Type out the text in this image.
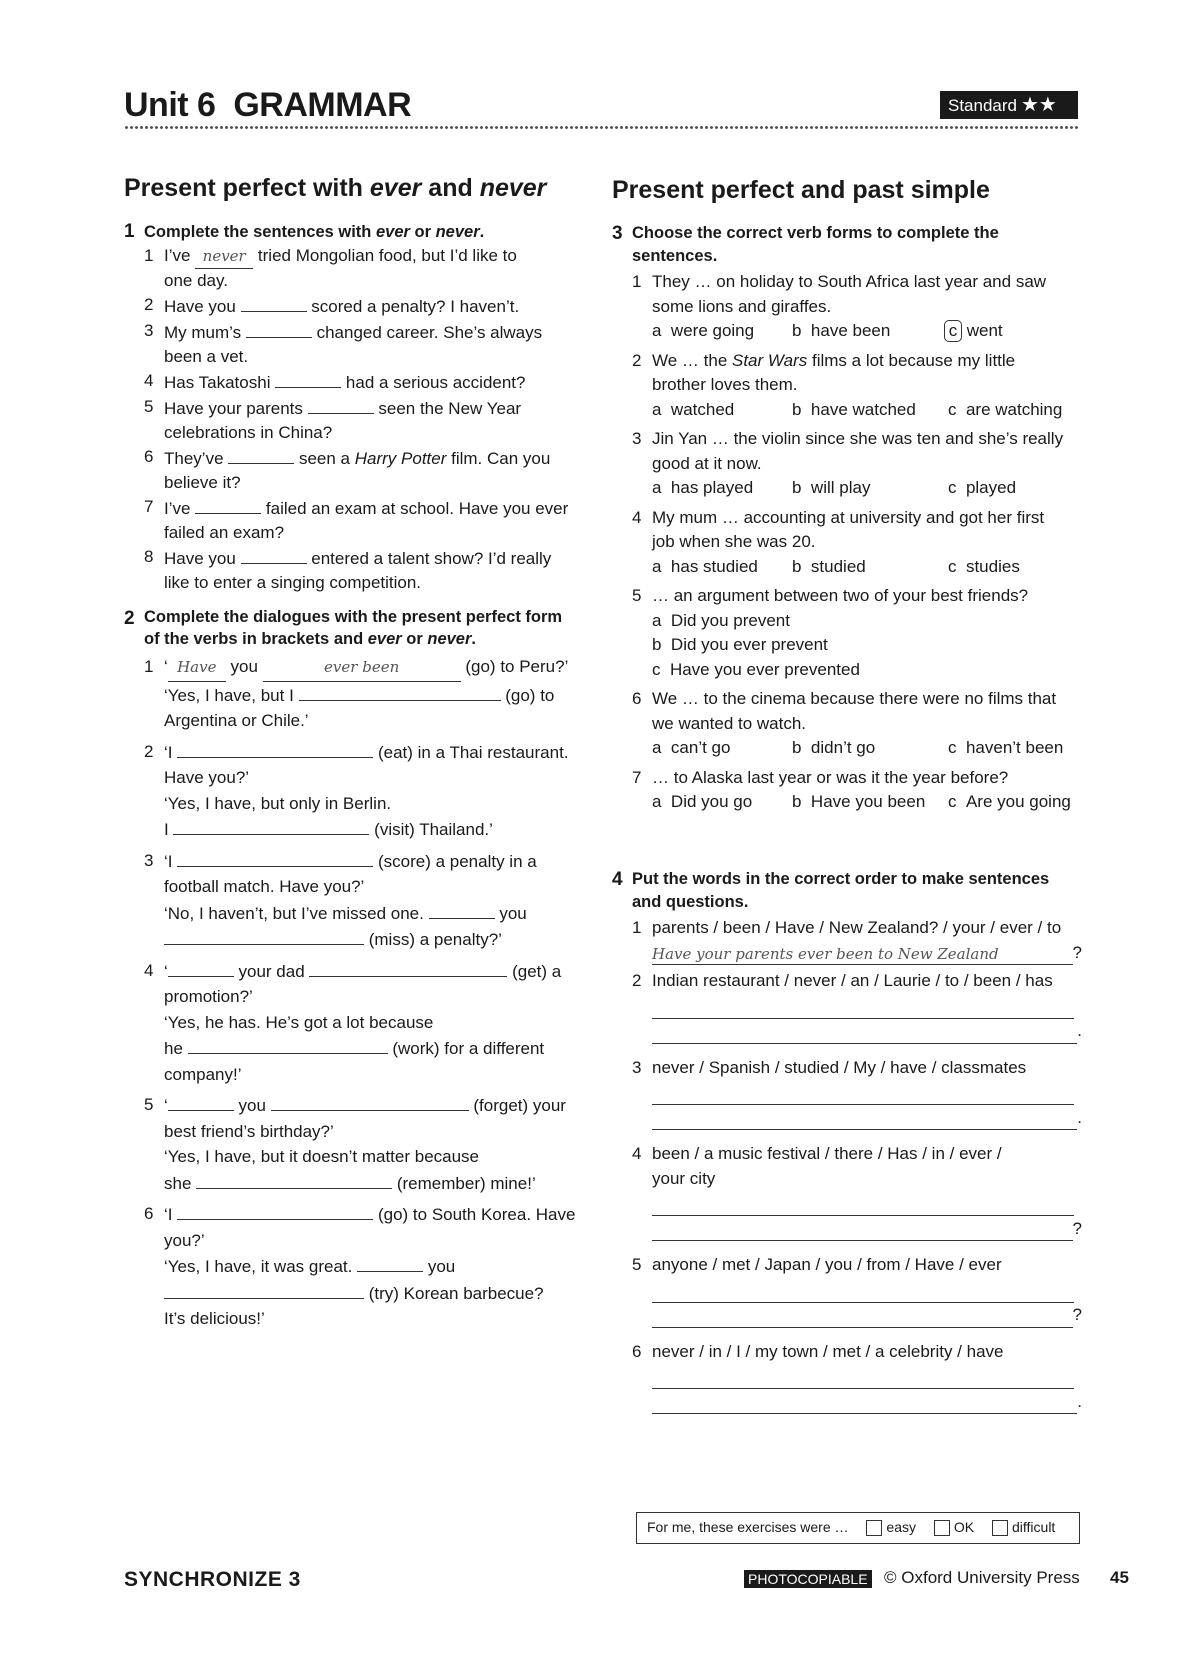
Unit 6 GRAMMAR	Standard ★★
Present perfect with ever and never
1 Complete the sentences with ever or never.
1 I’ve never tried Mongolian food, but I’d like to
one day.
2 Have you	scored a penalty? I haven’t.
3 My mum’s	changed career. She’s always
been a vet.
4 Has Takatoshi	had a serious accident?
5 Have your parents	seen the New Year
celebrations in China?
6 They’ve	seen a Harry Potter film. Can you
believe it?
7 I’ve	failed an exam at school. Have you ever
failed an exam?
8 Have you	entered a talent show? I’d really
like to enter a singing competition.
2 Complete the dialogues with the present perfect form
of the verbs in brackets and ever or never.
1 ‘ Have you	ever been	(go) to Peru?’
‘Yes, I have, but I	(go) to
Argentina or Chile.’
2 ‘I	(eat) in a Thai restaurant.
Have you?’
‘Yes, I have, but only in Berlin.
I	(visit) Thailand.’
3 ‘I	(score) a penalty in a
football match. Have you?’
‘No, I haven’t, but I’ve missed one.	you
(miss) a penalty?’
4 ‘	your dad	(get) a
promotion?’
‘Yes, he has. He’s got a lot because
he	(work) for a different
company!’
5 ‘	you	(forget) your
best friend’s birthday?’
‘Yes, I have, but it doesn’t matter because
she	(remember) mine!’
6 ‘I	(go) to South Korea. Have
you?’
‘Yes, I have, it was great.	you
(try) Korean barbecue?
It’s delicious!’
Present perfect and past simple
3 Choose the correct verb forms to complete the
sentences.
1 They … on holiday to South Africa last year and saw
some lions and giraffes.
a were going	b have been	c went
2 We … the Star Wars films a lot because my little
brother loves them.
a watched	b have watched	c are watching
3 Jin Yan … the violin since she was ten and she’s really
good at it now.
a has played	b will play	c played
4 My mum … accounting at university and got her first
job when she was 20.
a has studied	b studied	c studies
5 … an argument between two of your best friends?
a Did you prevent
b Did you ever prevent
c Have you ever prevented
6 We … to the cinema because there were no films that
we wanted to watch.
a can’t go	b didn’t go	c haven’t been
7 … to Alaska last year or was it the year before?
a Did you go	b Have you been	c Are you going
4 Put the words in the correct order to make sentences
and questions.
1 parents / been / Have / New Zealand? / your / ever / to
Have your parents ever been to New Zealand	?
2 Indian restaurant / never / an / Laurie / to / been / has
.
3 never / Spanish / studied / My / have / classmates
.
4 been / a music festival / there / Has / in / ever /
your city
?
5 anyone / met / Japan / you / from / Have / ever
?
6 never / in / I / my town / met / a celebrity / have
.
For me, these exercises were …	easy	OK	difficult
SYNCHRONIZE 3	PHOTOCOPIABLE © Oxford University Press 45
